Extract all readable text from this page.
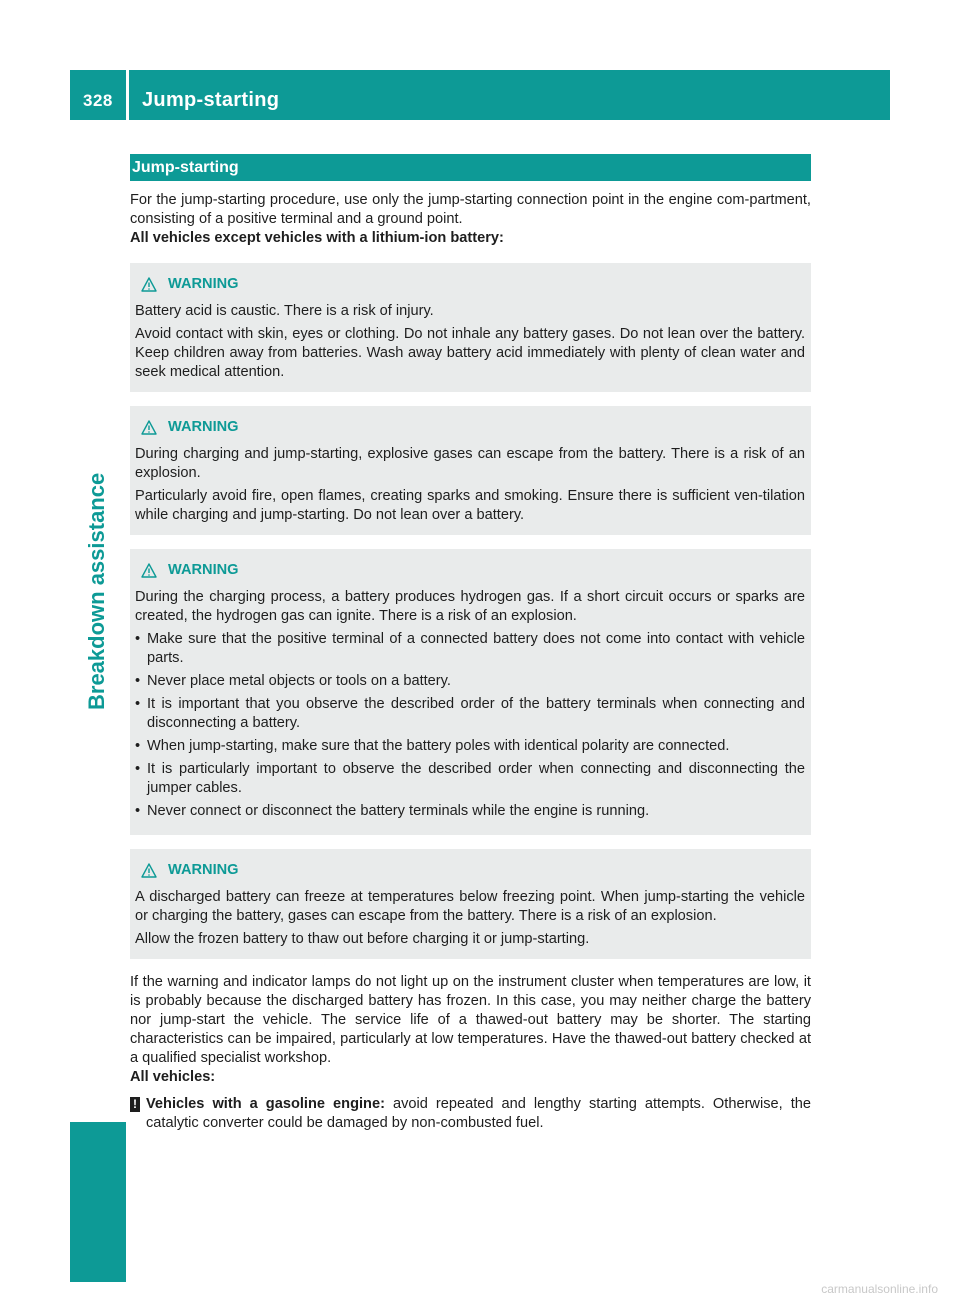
328	Jump-starting
Breakdown assistance
Jump-starting

For the jump-starting procedure, use only the jump-starting connection point in the engine com-partment, consisting of a positive terminal and a ground point.

All vehicles except vehicles with a lithium-ion battery:

WARNING

Battery acid is caustic. There is a risk of injury.

Avoid contact with skin, eyes or clothing. Do not inhale any battery gases. Do not lean over the battery. Keep children away from batteries. Wash away battery acid immediately with plenty of clean water and seek medical attention.

WARNING

During charging and jump-starting, explosive gases can escape from the battery. There is a risk of an explosion.

Particularly avoid fire, open flames, creating sparks and smoking. Ensure there is sufficient ven-tilation while charging and jump-starting. Do not lean over a battery.

WARNING

During the charging process, a battery produces hydrogen gas. If a short circuit occurs or sparks are created, the hydrogen gas can ignite. There is a risk of an explosion.

• Make sure that the positive terminal of a connected battery does not come into contact with vehicle parts.
• Never place metal objects or tools on a battery.
• It is important that you observe the described order of the battery terminals when connecting and disconnecting a battery.
• When jump-starting, make sure that the battery poles with identical polarity are connected.
• It is particularly important to observe the described order when connecting and disconnecting the jumper cables.
• Never connect or disconnect the battery terminals while the engine is running.
WARNING

A discharged battery can freeze at temperatures below freezing point. When jump-starting the vehicle or charging the battery, gases can escape from the battery. There is a risk of an explosion.

Allow the frozen battery to thaw out before charging it or jump-starting.

If the warning and indicator lamps do not light up on the instrument cluster when temperatures are low, it is probably because the discharged battery has frozen. In this case, you may neither charge the battery nor jump-start the vehicle. The service life of a thawed-out battery may be shorter. The starting characteristics can be impaired, particularly at low temperatures. Have the thawed-out battery checked at a qualified specialist workshop.

All vehicles:

! Vehicles with a gasoline engine: avoid repeated and lengthy starting attempts. Otherwise, the catalytic converter could be damaged by non-combusted fuel.

carmanualsonline.info
